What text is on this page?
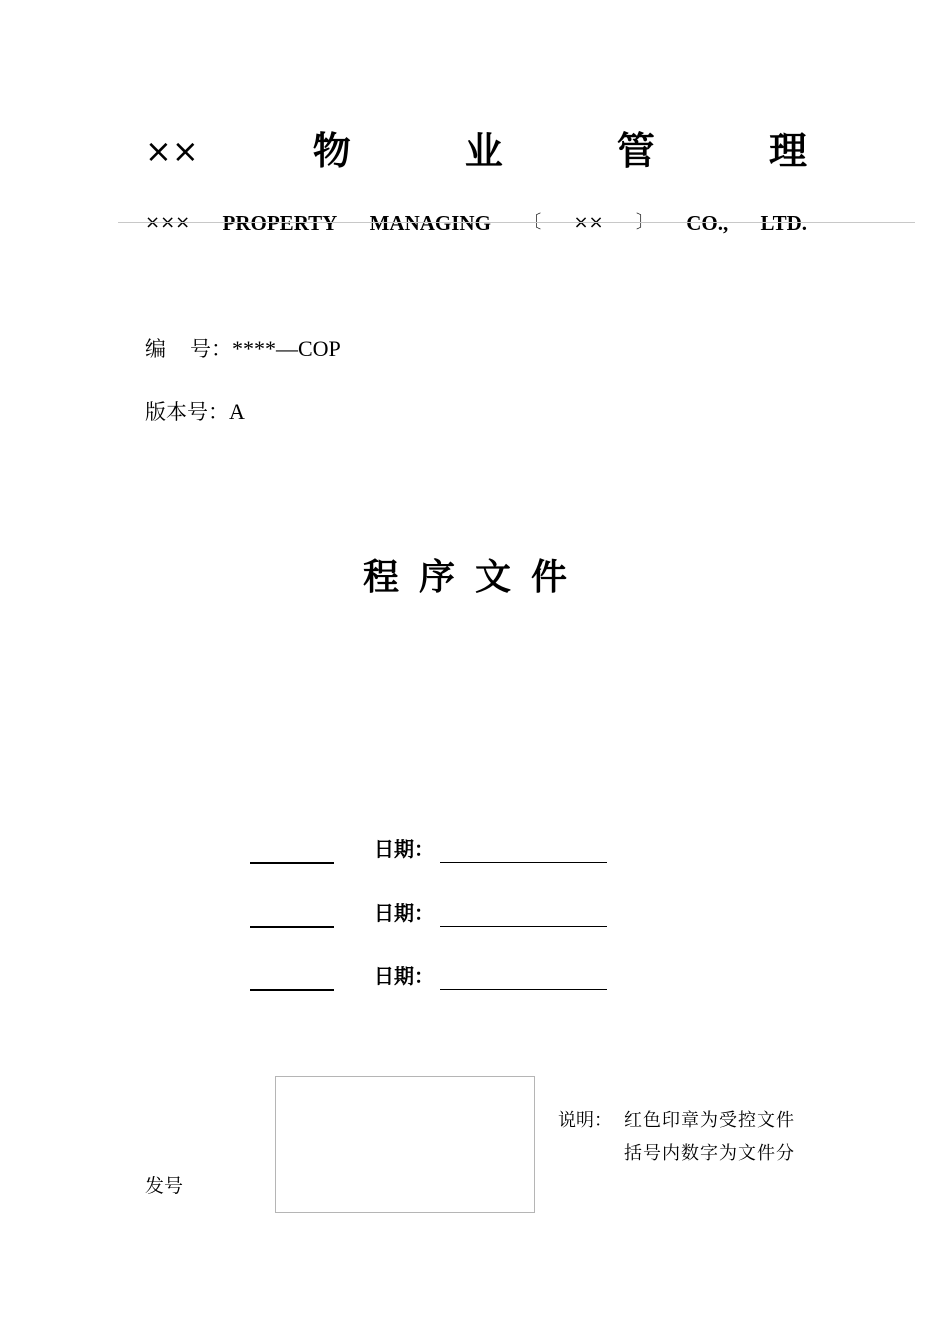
××	物	业	管	理
××× PROPERTY MANAGING 〔 ×× 〕 CO., LTD.
编 号：****—COP
版本号：A
程序文件
日期：
日期：
日期：
发号
说明： 红色印章为受控文件
括号内数字为文件分
